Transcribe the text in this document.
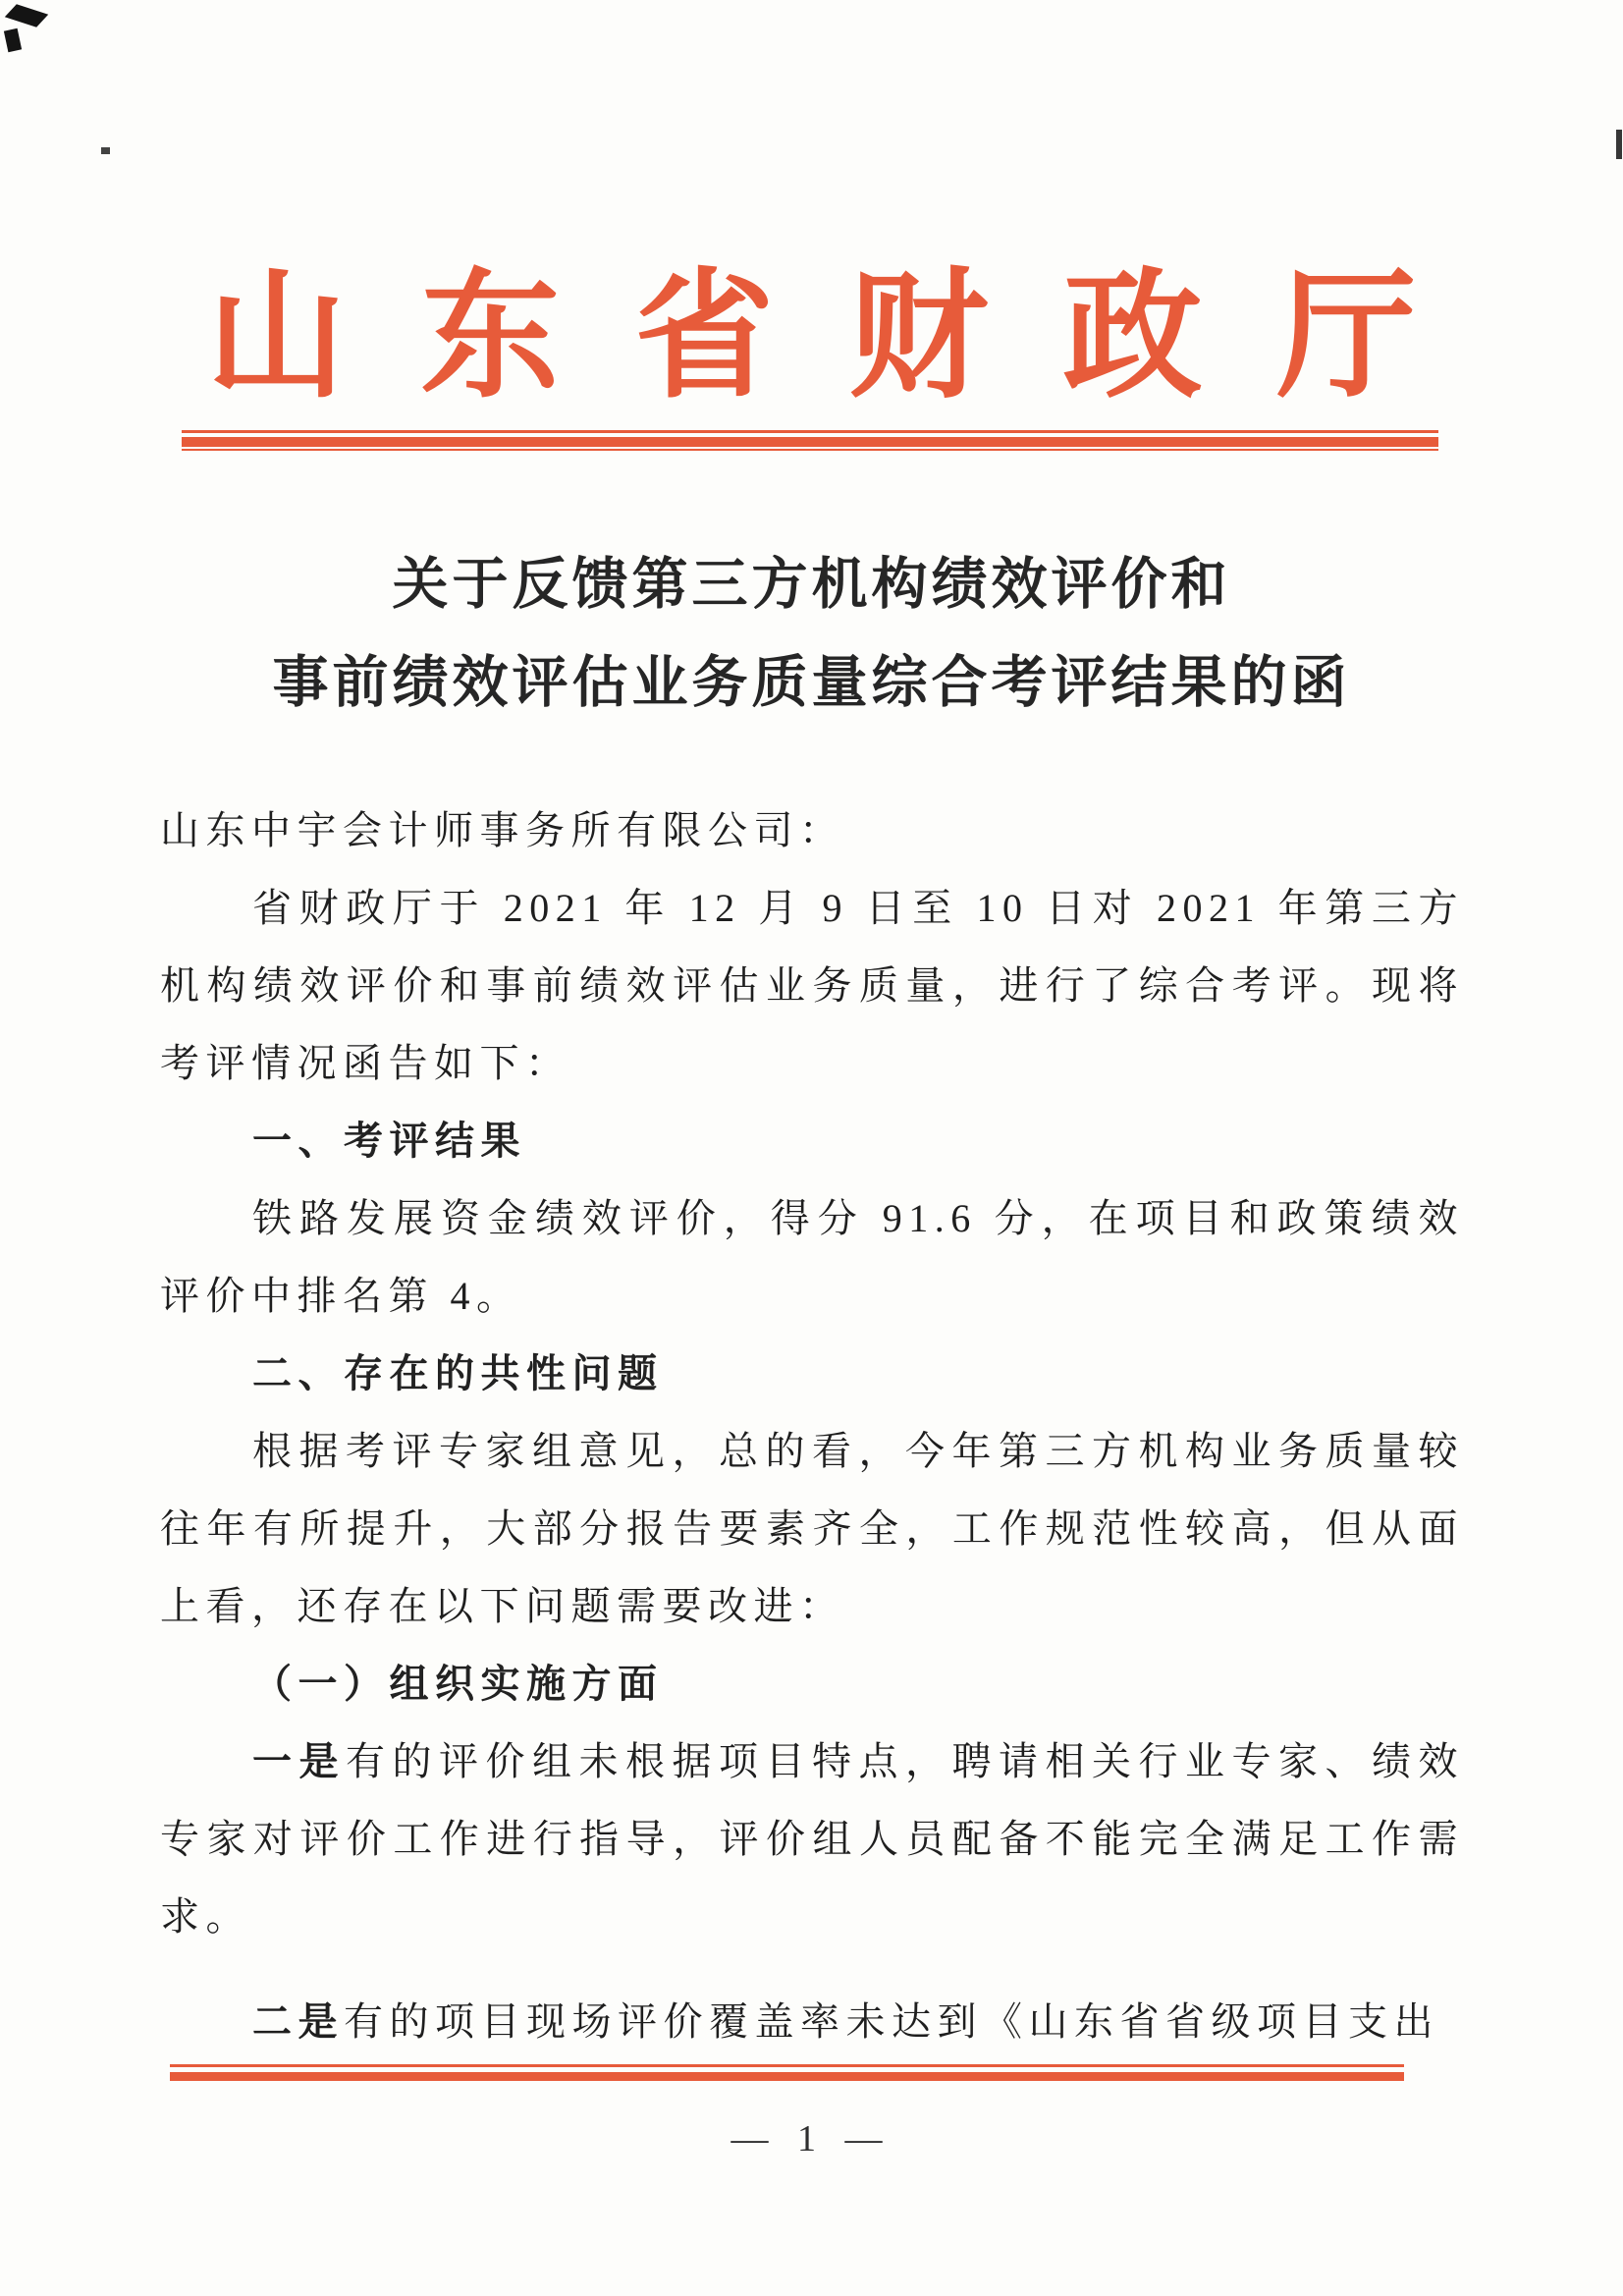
山东省财政厅
关于反馈第三方机构绩效评价和
事前绩效评估业务质量综合考评结果的函

山东中宇会计师事务所有限公司：

省财政厅于 2021 年 12 月 9 日至 10 日对 2021 年第三方机构绩效评价和事前绩效评估业务质量，进行了综合考评。现将考评情况函告如下：

一、考评结果

铁路发展资金绩效评价，得分 91.6 分，在项目和政策绩效评价中排名第 4。

二、存在的共性问题

根据考评专家组意见，总的看，今年第三方机构业务质量较往年有所提升，大部分报告要素齐全，工作规范性较高，但从面上看，还存在以下问题需要改进：

（一）组织实施方面

一是有的评价组未根据项目特点，聘请相关行业专家、绩效专家对评价工作进行指导，评价组人员配备不能完全满足工作需求。

二是有的项目现场评价覆盖率未达到《山东省省级项目支出

— 1 —
